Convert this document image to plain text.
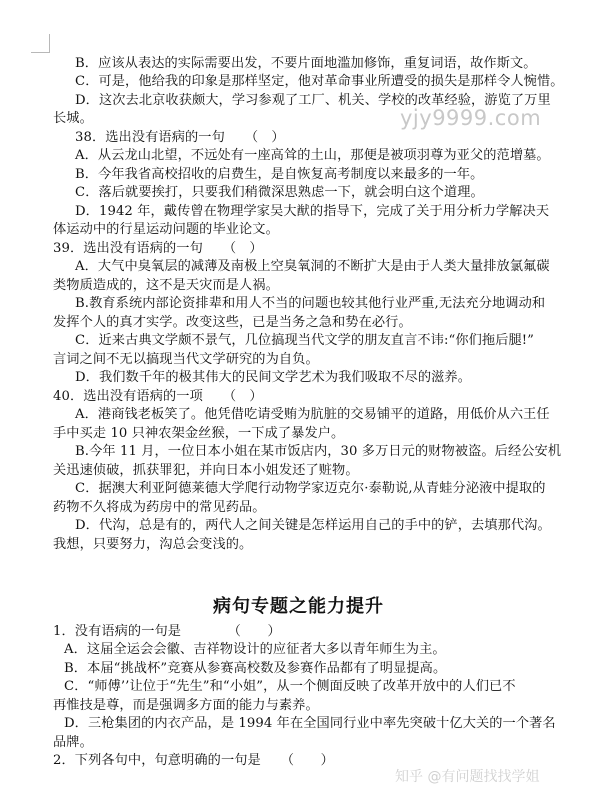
B．应该从表达的实际需要出发，不要片面地滥加修饰，重复词语，故作斯文。
C．可是，他给我的印象是那样坚定，他对革命事业所遭受的损失是那样令人惋惜。
D．这次去北京收获颇大，学习参观了工厂、机关、学校的改革经验，游览了万里
长城。
38．选出没有语病的一句　　（　）
A．从云龙山北望，不远处有一座高耸的土山，那便是被项羽尊为亚父的范增墓。
B．今年我省高校招收的启费生，是自恢复高考制度以来最多的一年。
C．落后就要挨打，只要我们稍微深思熟虑一下，就会明白这个道理。
D．1942 年，戴传曾在物理学家吴大猷的指导下，完成了关于用分析力学解决天
体运动中的行星运动问题的毕业论文。
39．选出没有语病的一句　　（　）
A．大气中臭氧层的减薄及南极上空臭氧洞的不断扩大是由于人类大量排放氯氟碳
类物质造成的，这不是天灾而是人祸。
B.教育系统内部论资排辈和用人不当的问题也较其他行业严重,无法充分地调动和
发挥个人的真才实学。改变这些，已是当务之急和势在必行。
C．近来古典文学颇不景气，几位搞现当代文学的朋友直言不讳:“你们拖后腿!”
言词之间不无以搞现当代文学研究的为自负。
D．我们数千年的极其伟大的民间文学艺术为我们吸取不尽的滋养。
40．选出没有语病的一项　　（　）
A．港商钱老板笑了。他凭借吃请受贿为肮脏的交易铺平的道路，用低价从六王任
手中买走 10 只神农架金丝猴，一下成了暴发户。
B.今年 11 月，一位日本小姐在某市饭店内，30 多万日元的财物被盗。后经公安机
关迅速侦破，抓获罪犯，并向日本小姐发还了赃物。
C．据澳大利亚阿德莱德大学爬行动物学家迈克尔·泰勒说,从青蛙分泌液中提取的
药物不久将成为药房中的常见药品。
D．代沟，总是有的，两代人之间关键是怎样运用自己的手中的铲，去填那代沟。
我想，只要努力，沟总会变浅的。
病句专题之能力提升
1．没有语病的一句是　　　　（　　）
A．这届全运会会徽、吉祥物设计的应征者大多以青年师生为主。
B．本届“挑战杯”竞赛从参赛高校数及参赛作品都有了明显提高。
C．“师傅’’让位于“先生”和“小姐”，从一个侧面反映了改革开放中的人们已不
再惟技是尊，而是强调多方面的能力与素养。
D．三枪集团的内衣产品，是 1994 年在全国同行业中率先突破十亿大关的一个著名
品牌。
2．下列各句中，句意明确的一句是　　（　　）
yjy9999.com
知乎 @有问题找找学姐
